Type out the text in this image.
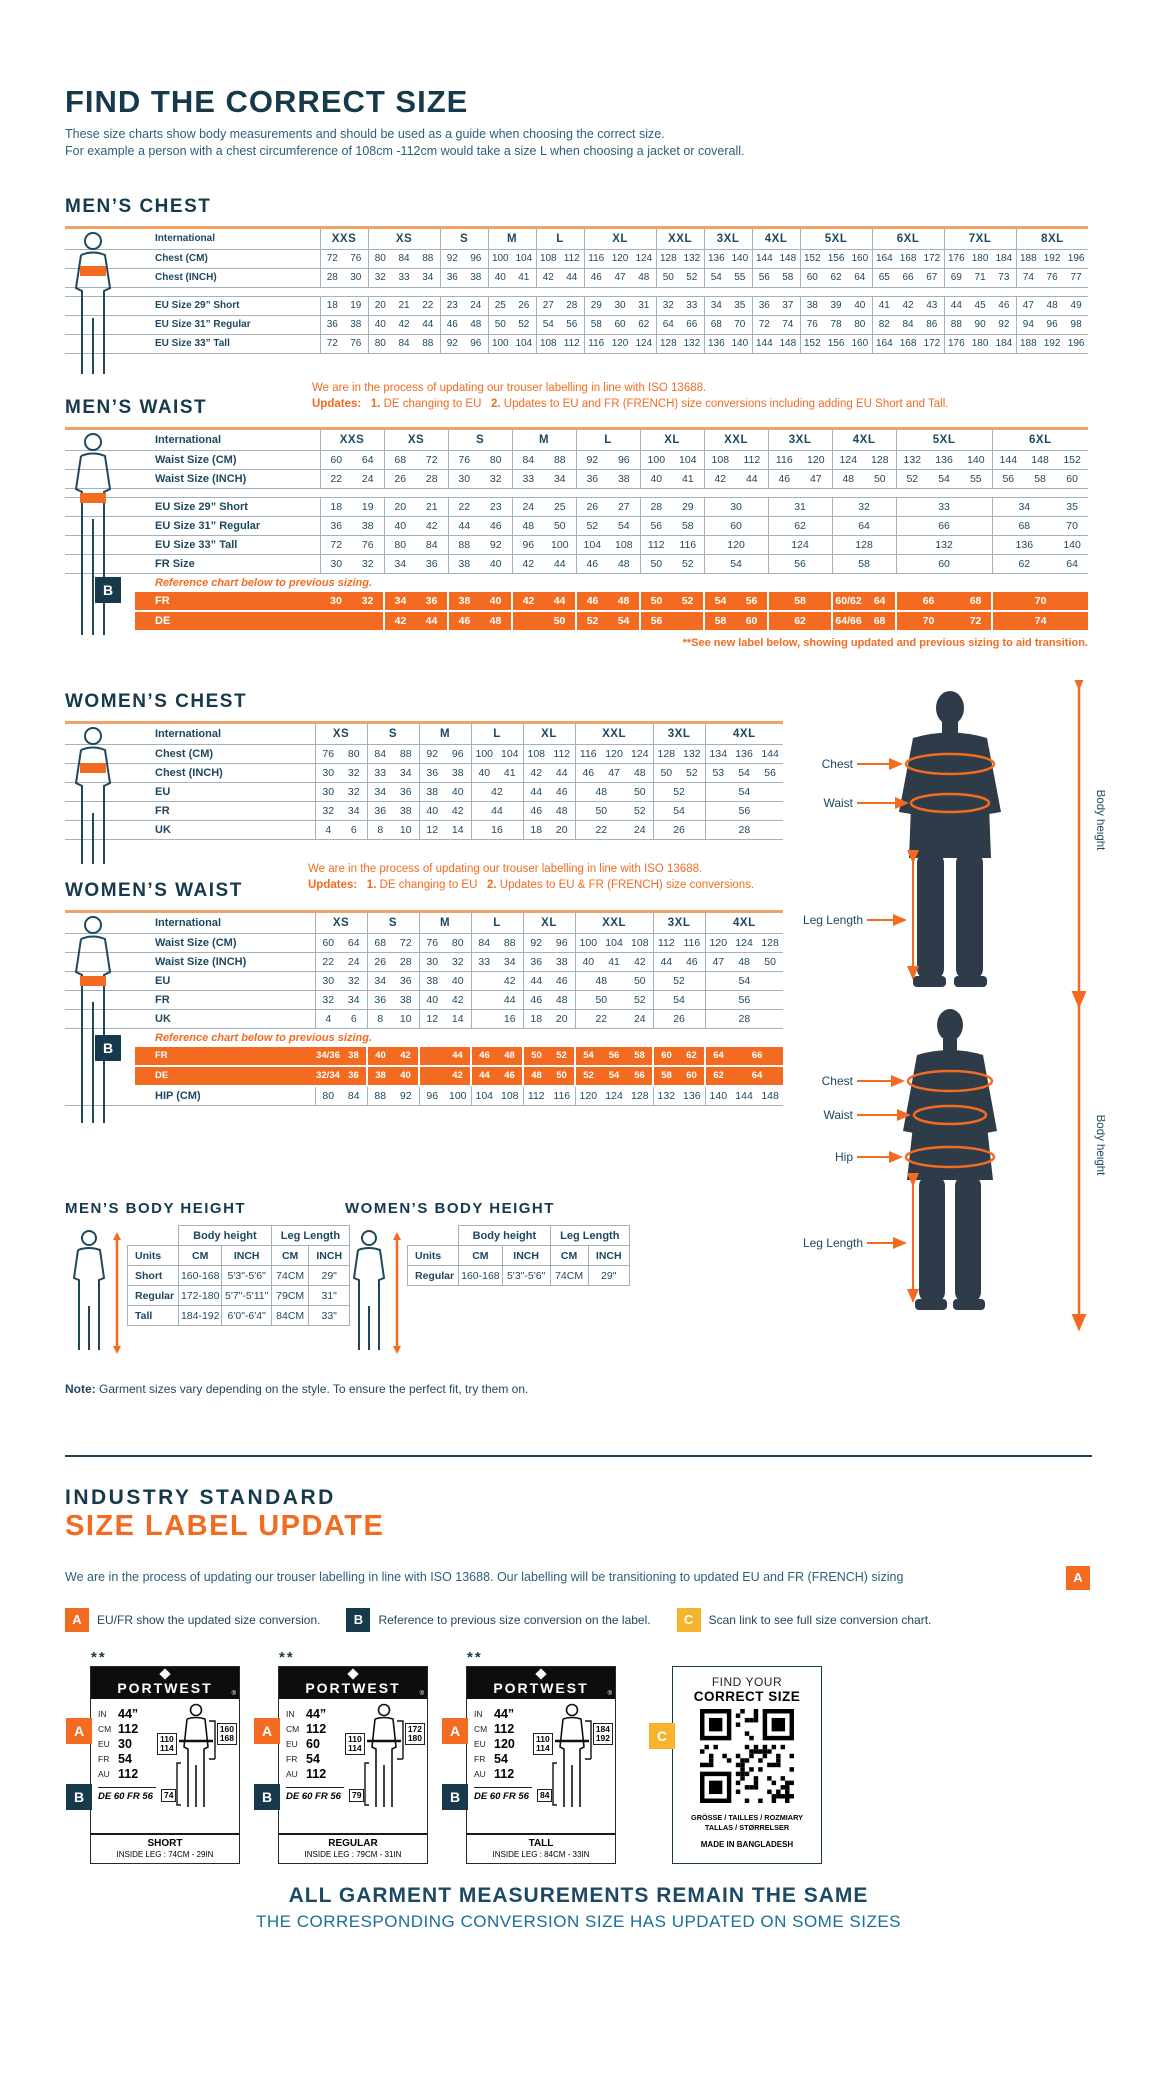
FIND THE CORRECT SIZE
These size charts show body measurements and should be used as a guide when choosing the correct size.
For example a person with a chest circumference of 108cm -112cm would take a size L when choosing a jacket or coverall.
MEN’S CHEST
International	XXS		XS			S		M		L		XL			XXL		3XL		4XL		5XL			6XL			7XL			8XL		
Chest (CM)	72	76	80	84	88	92	96	100	104	108	112	116	120	124	128	132	136	140	144	148	152	156	160	164	168	172	176	180	184	188	192	196
Chest (INCH)	28	30	32	33	34	36	38	40	41	42	44	46	47	48	50	52	54	55	56	58	60	62	64	65	66	67	69	71	73	74	76	77

EU Size 29” Short	18	19	20	21	22	23	24	25	26	27	28	29	30	31	32	33	34	35	36	37	38	39	40	41	42	43	44	45	46	47	48	49
EU Size 31” Regular	36	38	40	42	44	46	48	50	52	54	56	58	60	62	64	66	68	70	72	74	76	78	80	82	84	86	88	90	92	94	96	98
EU Size 33” Tall	72	76	80	84	88	92	96	100	104	108	112	116	120	124	128	132	136	140	144	148	152	156	160	164	168	172	176	180	184	188	192	196
We are in the process of updating our trouser labelling in line with ISO 13688.
Updates: 1. DE changing to EU 2. Updates to EU and FR (FRENCH) size conversions including adding EU Short and Tall.
B
MEN’S WAIST
International	XXS		XS		S		M		L		XL		XXL		3XL		4XL		5XL			6XL		
Waist Size (CM)	60	64	68	72	76	80	84	88	92	96	100	104	108	112	116	120	124	128	132	136	140	144	148	152
Waist Size (INCH)	22	24	26	28	30	32	33	34	36	38	40	41	42	44	46	47	48	50	52	54	55	56	58	60

EU Size 29” Short	18	19	20	21	22	23	24	25	26	27	28	29	30		31		32		33			34		35
EU Size 31” Regular	36	38	40	42	44	46	48	50	52	54	56	58	60		62		64		66			68		70
EU Size 33” Tall	72	76	80	84	88	92	96	100	104	108	112	116	120		124		128		132			136		140
FR Size	30	32	34	36	38	40	42	44	46	48	50	52	54		56		58		60			62		64
Reference chart below to previous sizing.																								
FR	30	32	34	36	38	40	42	44	46	48	50	52	54	56	58		60/62	64	66		68	70		
DE			42	44	46	48		50	52	54	56		58	60	62		64/66	68	70		72	74		
**See new label below, showing updated and previous sizing to aid transition.
WOMEN’S CHEST
International	XS		S		M		L		XL		XXL			3XL		4XL		
Chest (CM)	76	80	84	88	92	96	100	104	108	112	116	120	124	128	132	134	136	144
Chest (INCH)	30	32	33	34	36	38	40	41	42	44	46	47	48	50	52	53	54	56
EU	30	32	34	36	38	40	42		44	46	48		50	52		54		
FR	32	34	36	38	40	42	44		46	48	50		52	54		56		
UK	4	6	8	10	12	14	16		18	20	22		24	26		28		
We are in the process of updating our trouser labelling in line with ISO 13688.
Updates: 1. DE changing to EU 2. Updates to EU & FR (FRENCH) size conversions.
B
WOMEN’S WAIST
International	XS		S		M		L		XL		XXL			3XL		4XL		
Waist Size (CM)	60	64	68	72	76	80	84	88	92	96	100	104	108	112	116	120	124	128
Waist Size (INCH)	22	24	26	28	30	32	33	34	36	38	40	41	42	44	46	47	48	50
EU	30	32	34	36	38	40		42	44	46	48		50	52		54		
FR	32	34	36	38	40	42		44	46	48	50		52	54		56		
UK	4	6	8	10	12	14		16	18	20	22		24	26		28		
Reference chart below to previous sizing.																		
FR	34/36	38	40	42		44	46	48	50	52	54	56	58	60	62	64	66	
DE	32/34	36	38	40		42	44	46	48	50	52	54	56	58	60	62	64	
HIP (CM)	80	84	88	92	96	100	104	108	112	116	120	124	128	132	136	140	144	148
Chest
Waist
Leg Length
Body height
Chest
Waist
Hip
Leg Length
Body height
MEN’S BODY HEIGHT
	Body height		Leg Length	
Units	CM	INCH	CM	INCH
Short	160-168	5'3"-5'6"	74CM	29"
Regular	172-180	5'7"-5'11"	79CM	31"
Tall	184-192	6'0"-6'4"	84CM	33"
WOMEN’S BODY HEIGHT
	Body height		Leg Length	
Units	CM	INCH	CM	INCH
Regular	160-168	5'3"-5'6"	74CM	29"
Note: Garment sizes vary depending on the style. To ensure the perfect fit, try them on.
INDUSTRY STANDARD
SIZE LABEL UPDATE
We are in the process of updating our trouser labelling in line with ISO 13688. Our labelling will be transitioning to updated EU and FR (FRENCH) sizing	A
A	EU/FR show the updated size conversion.	B	Reference to previous size conversion on the label.	C	Scan link to see full size conversion chart.
FIND YOUR
CORRECT SIZE
GRÖSSE / TAILLES / ROZMIARY
TALLAS / STØRRELSER
MADE IN BANGLADESH
C
**
PORTWEST	®
IN 44”
CM 112
EU 30
FR 54
AU 112
DE 60 FR 56
110
114
160
168
74
SHORT
INSIDE LEG : 74CM - 29IN
A
B
**
PORTWEST	®
IN 44”
CM 112
EU 60
FR 54
AU 112
DE 60 FR 56
110
114
172
180
79
REGULAR
INSIDE LEG : 79CM - 31IN
A
B
**
PORTWEST	®
IN 44”
CM 112
EU 120
FR 54
AU 112
DE 60 FR 56
110
114
184
192
84
TALL
INSIDE LEG : 84CM - 33IN
A
B
ALL GARMENT MEASUREMENTS REMAIN THE SAME
THE CORRESPONDING CONVERSION SIZE HAS UPDATED ON SOME SIZES
